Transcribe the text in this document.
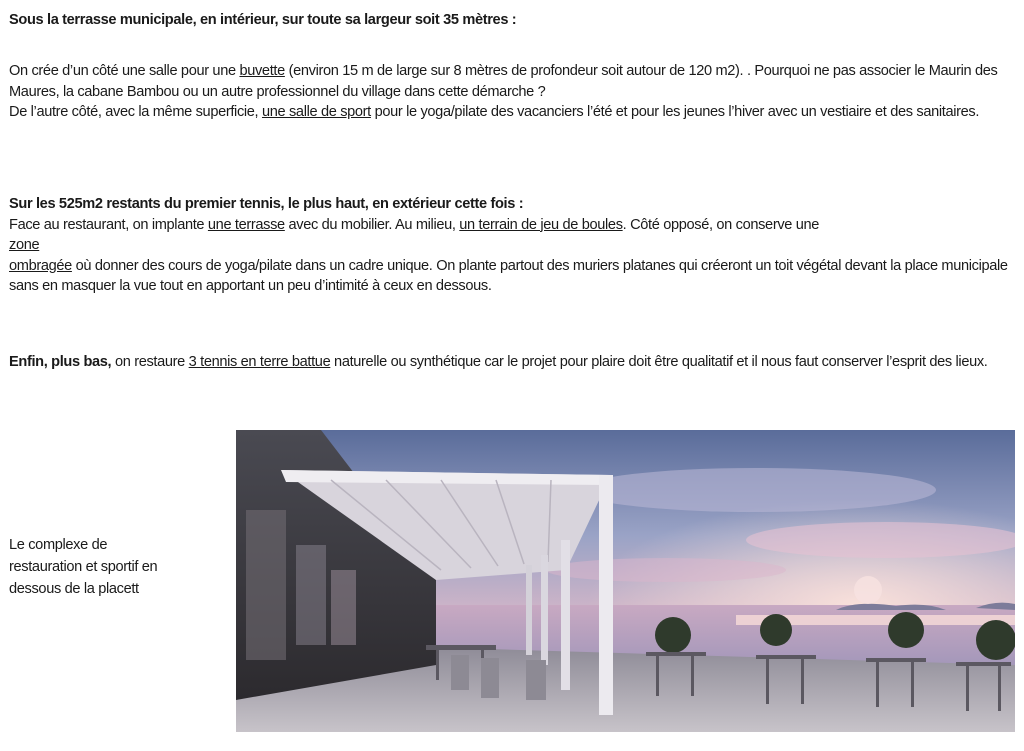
Sous la terrasse municipale, en intérieur, sur toute sa largeur soit 35 mètres :

On crée d’un côté une salle pour une buvette (environ 15 m de large sur 8 mètres de profondeur soit autour de 120 m2). . Pourquoi ne pas associer le Maurin des Maures, la cabane Bambou ou un autre professionnel du village dans cette démarche ?

De l’autre côté, avec la même superficie, une salle de sport pour le yoga/pilate des vacanciers l’été et pour les jeunes l’hiver avec un vestiaire et des sanitaires.

Sur les 525m2 restants du premier tennis, le plus haut, en extérieur cette fois :

Face au restaurant, on implante une terrasse avec du mobilier. Au milieu, un terrain de jeu de boules. Côté opposé, on conserve une
zone
ombragée où donner des cours de yoga/pilate dans un cadre unique. On plante partout des muriers platanes qui créeront un toit végétal devant la place municipale sans en masquer la vue tout en apportant un peu d’intimité à ceux en dessous.

Enfin, plus bas, on restaure 3 tennis en terre battue naturelle ou synthétique car le projet pour plaire doit être qualitatif et il nous faut conserver l’esprit des lieux.

Le complexe de
restauration et sportif en
dessous de la placett
